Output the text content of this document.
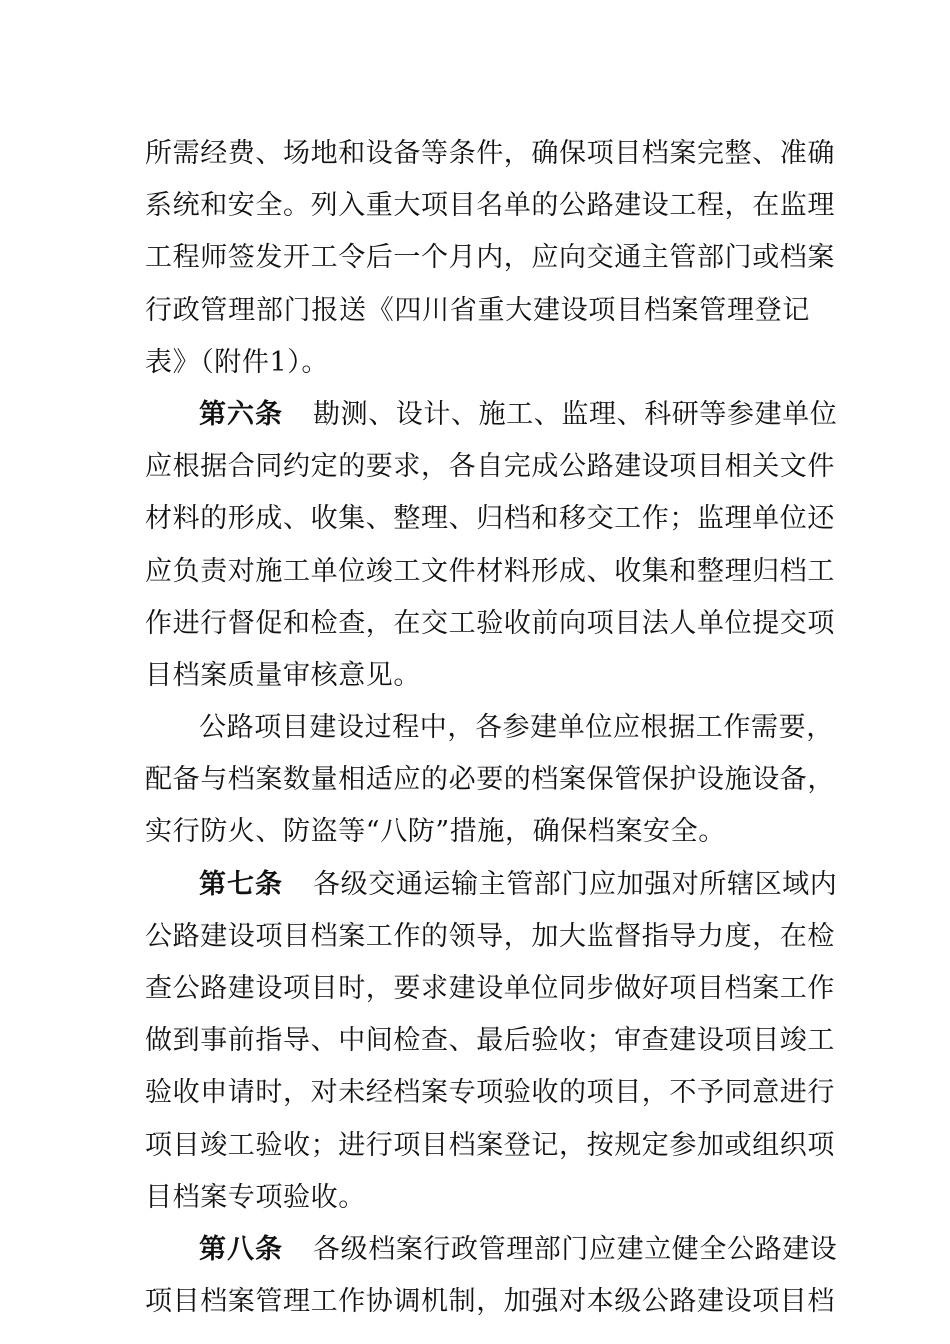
所需经费、场地和设备等条件，确保项目档案完整、准确
系统和安全。列入重大项目名单的公路建设工程，在监理
工程师签发开工令后一个月内，应向交通主管部门或档案
行政管理部门报送《四川省重大建设项目档案管理登记
表》（附件1）。
第六条 勘测、设计、施工、监理、科研等参建单位
应根据合同约定的要求，各自完成公路建设项目相关文件
材料的形成、收集、整理、归档和移交工作；监理单位还
应负责对施工单位竣工文件材料形成、收集和整理归档工
作进行督促和检查，在交工验收前向项目法人单位提交项
目档案质量审核意见。
公路项目建设过程中，各参建单位应根据工作需要，
配备与档案数量相适应的必要的档案保管保护设施设备，
实行防火、防盗等“八防”措施，确保档案安全。
第七条 各级交通运输主管部门应加强对所辖区域内
公路建设项目档案工作的领导，加大监督指导力度，在检
查公路建设项目时，要求建设单位同步做好项目档案工作
做到事前指导、中间检查、最后验收；审查建设项目竣工
验收申请时，对未经档案专项验收的项目，不予同意进行
项目竣工验收；进行项目档案登记，按规定参加或组织项
目档案专项验收。
第八条 各级档案行政管理部门应建立健全公路建设
项目档案管理工作协调机制，加强对本级公路建设项目档
